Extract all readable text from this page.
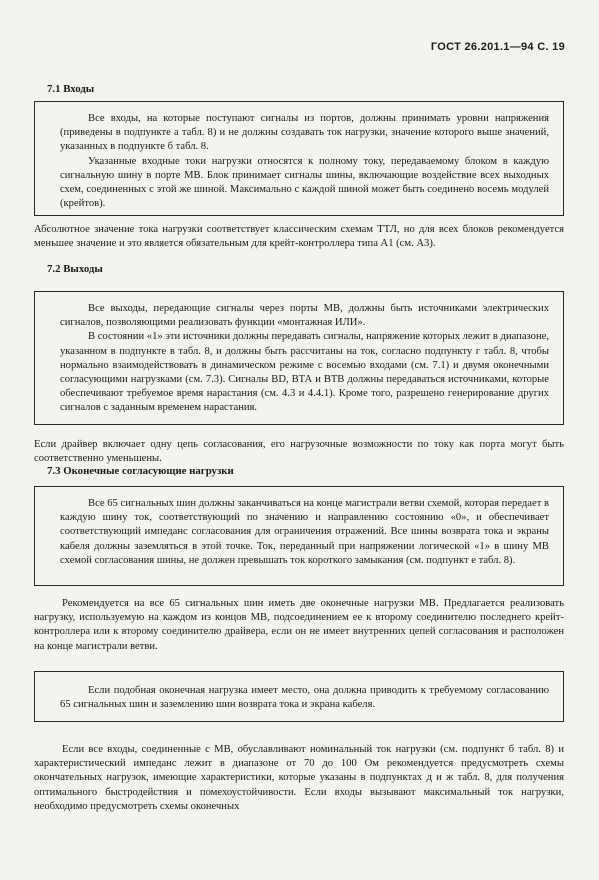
ГОСТ 26.201.1—94 С. 19
7.1 Входы

Все входы, на которые поступают сигналы из портов, должны принимать уровни напряжения (приведены в подпункте а табл. 8) и не должны создавать ток нагрузки, значение которого выше значений, указанных в подпункте б табл. 8.

Указанные входные токи нагрузки относятся к полному току, передаваемому блоком в каждую сигнальную шину в порте МВ. Блок принимает сигналы шины, включающие воздействие всех выходных схем, соединенных с этой же шиной. Максимально с каждой шиной может быть соединено восемь модулей (крейтов).

Абсолютное значение тока нагрузки соответствует классическим схемам ТТЛ, но для всех блоков рекомендуется меньшее значение и это является обязательным для крейт-контроллера типа А1 (см. А3).

7.2 Выходы

Все выходы, передающие сигналы через порты МВ, должны быть источниками электрических сигналов, позволяющими реализовать функции «монтажная ИЛИ».

В состоянии «1» эти источники должны передавать сигналы, напряжение которых лежит в диапазоне, указанном в подпункте в табл. 8, и должны быть рассчитаны на ток, согласно подпункту г табл. 8, чтобы нормально взаимодействовать в динамическом режиме с восемью входами (см. 7.1) и двумя оконечными согласующими нагрузками (см. 7.3). Сигналы BD, ВТА и ВТВ должны передаваться источниками, которые обеспечивают требуемое время нарастания (см. 4.3 и 4.4.1). Кроме того, разрешено генерирование других сигналов с заданным временем нарастания.

Если драйвер включает одну цепь согласования, его нагрузочные возможности по току как порта могут быть соответственно уменьшены.

7.3 Оконечные согласующие нагрузки

Все 65 сигнальных шин должны заканчиваться на конце магистрали ветви схемой, которая передает в каждую шину ток, соответствующий по значению и направлению состоянию «0», и обеспечивает соответствующий импеданс согласования для ограничения отражений. Все шины возврата тока и экраны кабеля должны заземляться в этой точке. Ток, переданный при напряжении логической «1» в шину МВ схемой согласования шины, не должен превышать ток короткого замыкания (см. подпункт е табл. 8).

Рекомендуется на все 65 сигнальных шин иметь две оконечные нагрузки МВ. Предлагается реализовать нагрузку, используемую на каждом из концов МВ, подсоединением ее к второму соединителю последнего крейт-контроллера или к второму соединителю драйвера, если он не имеет внутренних цепей согласования и расположен на конце магистрали ветви.

Если подобная оконечная нагрузка имеет место, она должна приводить к требуемому согласованию 65 сигнальных шин и заземлению шин возврата тока и экрана кабеля.

Если все входы, соединенные с МВ, обуславливают номинальный ток нагрузки (см. подпункт б табл. 8) и характеристический импеданс лежит в диапазоне от 70 до 100 Ом рекомендуется предусмотреть схемы окончательных нагрузок, имеющие характеристики, которые указаны в подпунктах д и ж табл. 8, для получения оптимального быстродействия и помехоустойчивости. Если входы вызывают максимальный ток нагрузки, необходимо предусмотреть схемы оконечных
